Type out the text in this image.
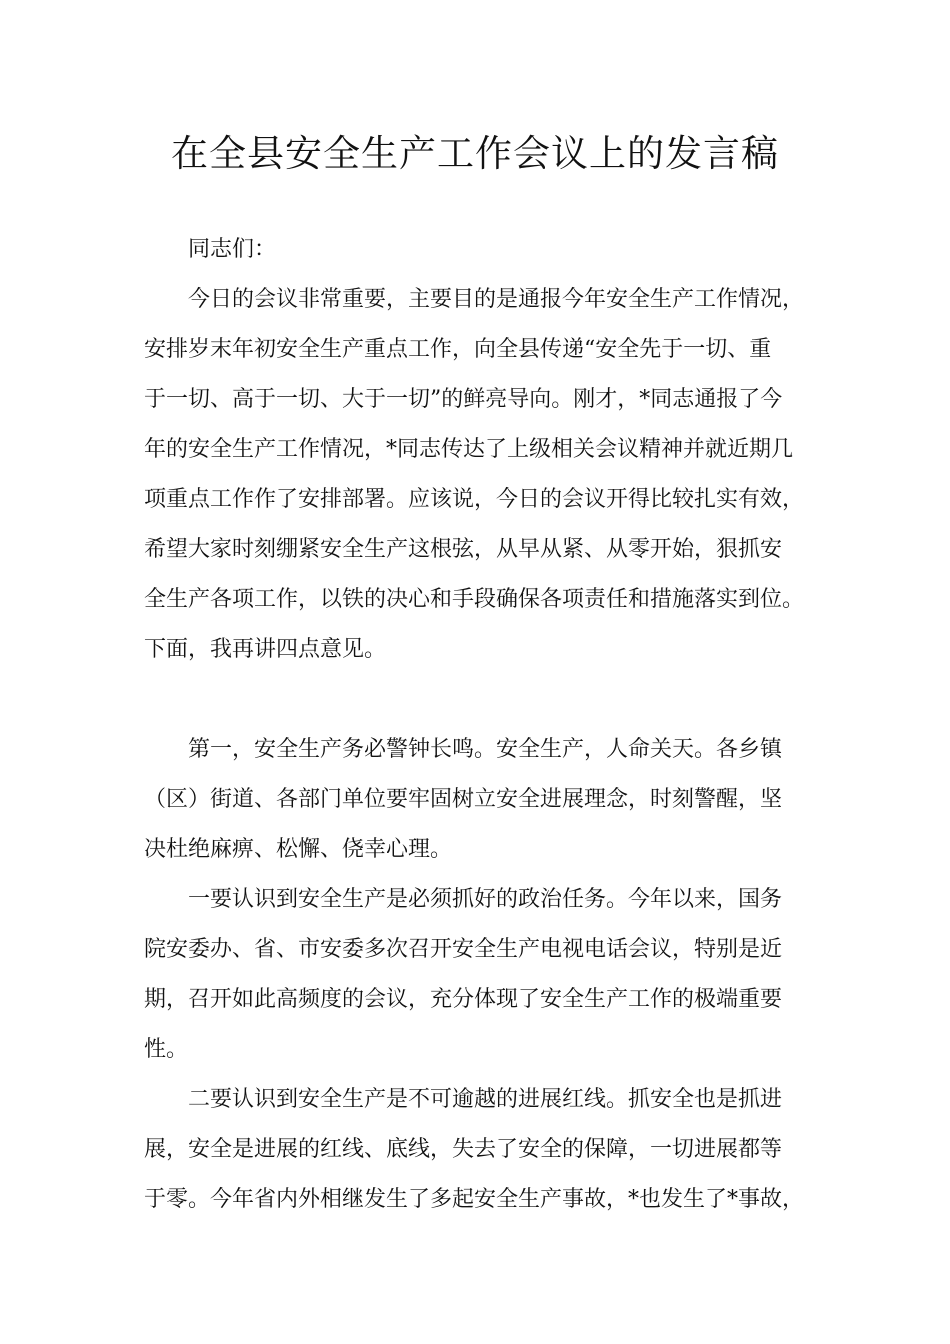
在全县安全生产工作会议上的发言稿
同志们：
今日的会议非常重要，主要目的是通报今年安全生产工作情况，
安排岁末年初安全生产重点工作，向全县传递“安全先于一切、重
于一切、高于一切、大于一切”的鲜亮导向。刚才，*同志通报了今
年的安全生产工作情况，*同志传达了上级相关会议精神并就近期几
项重点工作作了安排部署。应该说，今日的会议开得比较扎实有效，
希望大家时刻绷紧安全生产这根弦，从早从紧、从零开始，狠抓安
全生产各项工作，以铁的决心和手段确保各项责任和措施落实到位。
下面，我再讲四点意见。
第一，安全生产务必警钟长鸣。安全生产，人命关天。各乡镇
（区）街道、各部门单位要牢固树立安全进展理念，时刻警醒，坚
决杜绝麻痹、松懈、侥幸心理。
一要认识到安全生产是必须抓好的政治任务。今年以来，国务
院安委办、省、市安委多次召开安全生产电视电话会议，特别是近
期，召开如此高频度的会议，充分体现了安全生产工作的极端重要
性。
二要认识到安全生产是不可逾越的进展红线。抓安全也是抓进
展，安全是进展的红线、底线，失去了安全的保障，一切进展都等
于零。今年省内外相继发生了多起安全生产事故，*也发生了*事故，
